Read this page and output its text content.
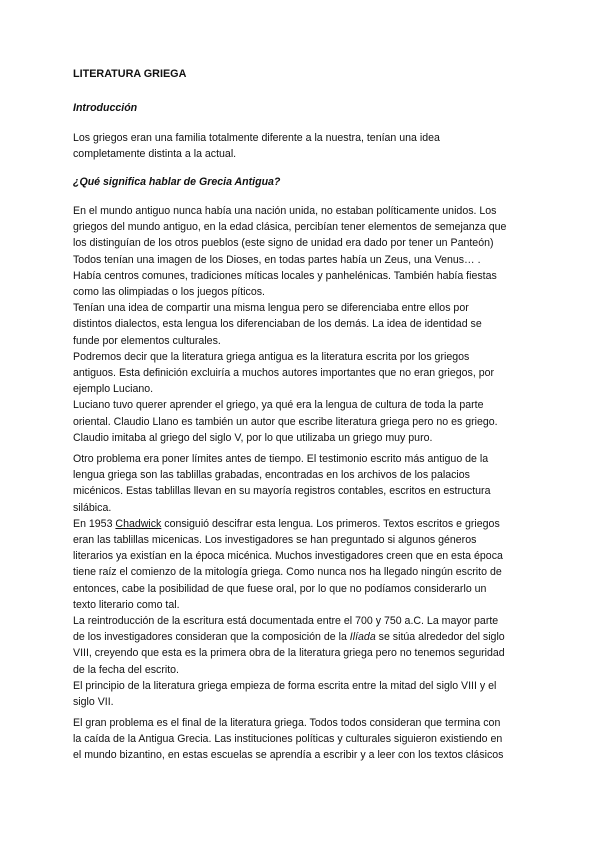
LITERATURA GRIEGA
Introducción
Los griegos eran una familia totalmente diferente a la nuestra, tenían una idea
completamente distinta a la actual.
¿Qué significa hablar de Grecia Antigua?
En el mundo antiguo nunca había una nación unida, no estaban políticamente unidos. Los
griegos del mundo antiguo, en la edad clásica, percibían tener elementos de semejanza que
los distinguían de los otros pueblos (este signo de unidad era dado por tener un Panteón)
Todos tenían una imagen de los Dioses, en todas partes había un Zeus, una Venus… .
Había centros comunes, tradiciones míticas locales y panhelénicas. También había fiestas
como las olimpiadas o los juegos píticos.
Tenían una idea de compartir una misma lengua pero se diferenciaba entre ellos por
distintos dialectos, esta lengua los diferenciaban de los demás. La idea de identidad se
funde por elementos culturales.
Podremos decir que la literatura griega antigua es la literatura escrita por los griegos
antiguos. Esta definición excluiría a muchos autores importantes que no eran griegos, por
ejemplo Luciano.
Luciano tuvo querer aprender el griego, ya qué era la lengua de cultura de toda la parte
oriental. Claudio Llano es también un autor que escribe literatura griega pero no es griego.
Claudio imitaba al griego del siglo V, por lo que utilizaba un griego muy puro.
Otro problema era poner límites antes de tiempo. El testimonio escrito más antiguo de la
lengua griega son las tablillas grabadas, encontradas en los archivos de los palacios
micénicos. Estas tablillas llevan en su mayoría registros contables, escritos en estructura
silábica.
En 1953 Chadwick consiguió descifrar esta lengua. Los primeros. Textos escritos e griegos
eran las tablillas micenicas. Los investigadores se han preguntado si algunos géneros
literarios ya existían en la época micénica. Muchos investigadores creen que en esta época
tiene raíz el comienzo de la mitología griega. Como nunca nos ha llegado ningún escrito de
entonces, cabe la posibilidad de que fuese oral, por lo que no podíamos considerarlo un
texto literario como tal.
La reintroducción de la escritura está documentada entre el 700 y 750 a.C. La mayor parte
de los investigadores consideran que la composición de la Ilíada se sitúa alrededor del siglo
VIII, creyendo que esta es la primera obra de la literatura griega pero no tenemos seguridad
de la fecha del escrito.
El principio de la literatura griega empieza de forma escrita entre la mitad del siglo VIII y el
siglo VII.
El gran problema es el final de la literatura griega. Todos todos consideran que termina con
la caída de la Antigua Grecia. Las instituciones políticas y culturales siguieron existiendo en
el mundo bizantino, en estas escuelas se aprendía a escribir y a leer con los textos clásicos
